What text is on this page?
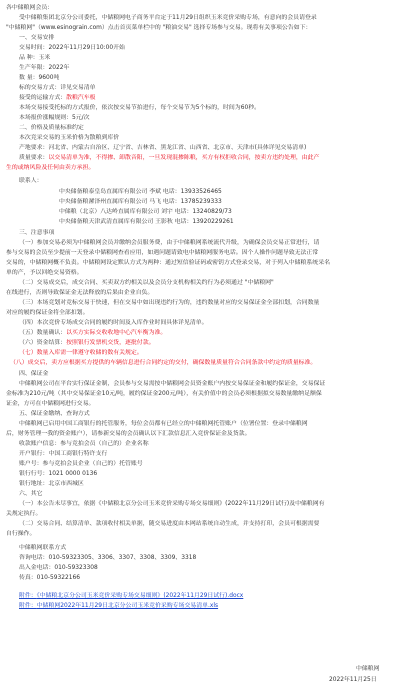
各中储粮网会员：
受中储粮集团北京分公司委托，中储粮网电子商务平台定于11月29日组织玉米竞价采购专场，有意向的会员请登录
"中储粮网"（www.esinograin.com）点击首页菜单栏中的 "粮油交易" 选择专场参与交易。现将有关事项公告如下：
一、交易安排
交易时间：2022年11月29日10:00开始
品 种：玉米
生产年限：2022年
数 量：9600吨
标的交易方式：详见交易清单
接受的运输方式：散粮汽车板
本场交易接受托标的方式报价，依次按交易节拍进行，每个交易节为5个标的，时间为60秒。
本场报价涨幅规则：5元/次
二、价格及质量标准约定
本次竞采交易的玉米价格为散粮到库价
产地要求：河北省、内蒙古自治区、辽宁省、吉林省、黑龙江省、山西省、北京市、天津市(具体详见交易清单)
质量要求：以交易清单为准，不得掺、卸散音阳，一旦发现混掺陈粮，买方有权拒收合同，按卖方违约处理，由此产
生的或纳风险及任何由卖方承担。
联系人：
中央储备粮泰皇岛直属库有限公司 李斌 电话：13933526465
中央储备粮漯泽州直属库有限公司 马飞 电话：13785239333
中储粮（北京）八达岭直属库有限公司 刘宇 电话：13240829/73
中央储备粮天津武清直属库有限公司 王影秋 电话：13920229261
三、注意事项
（一）参加交易必须为中储粮网会员并缴纳会员服务费，由于中储粮网系统流代升级，为确保会员交易正常进行，请
参与交易的会员至少提前一天登录中储粮网查看应用，如遇问题请致电中储粮网服务电话。因个人操作问题导致无法正常
交易的，中储粮网概不负责。中储粮网设定默认方式为两种：通过短信验证码或密钥方式登录交易，对于列入中储粮系统采名
单的产，予以回绝交易资格。
（二）交易成交后，成交合同、买卖双方约相关以及会员分支机构相关约行为必须通过 "中储粮网"
在线进行，否则导致保证金无法释放的后果由企业自负。
（三）本场竞划对竞标交易于快速，但在交易中如出现违约行为的，违约数量对应的交易保证金全部扣划，合同数量
对应的履约保证金将全部扣划。
（四）本次竞价专场成交合同的履约时间及入库作业时间具体详见清单。
（五）数量确认：以买方实际交收收地中心汽车衡为准。
（六）资金结算：按照银行发票机交货，逐批付款。
（七）数量入库需一律遵守收储的数有关规定。
（八）成交后，卖方应根据买方提供的车辆信息进行合同约定的交付，确保数量质量符合合同条款中约定的质量标准。
四、保证金
中储粮网公司在平台实行保证金制，会员参与交易需按中储粮网会员资金账户内按交易保证金和履约保证金，交易保证
金标准为210元/吨（其中交易保证金10元/吨，履约保证金200元/吨），有关价值中的会员必须根据拟交易数量缴纳足额保
证金，方可在中储粮网进行交易。
五、保证金缴纳、查询方式
中储粮网已启用中国工商银行的托管服务，每位会员都有已经立的中储粮网托管账户（位署位置：登录中储粮网
后，财务管理一我的资金账户），请参新交易的会员确认以下汇款信息汇入竞价保证金及货款。
收款账户信息：参与竞拍会员（自己的）企业名称
开户银行：中国工商银行特许支行
账户号：参与竞拍会员企业（自己的）托管账号
银行行号：1021 0000 0136
银行地址：北京市西城区
六、其它
（一）本公告未尽事宜，依据《中储粮北京分公司玉米竞价采购专场交易细则》(2022年11月29日试行)及中储粮网有
关规定执行。
（二）交易合同、结算清单、款项收付相关单据，随交易进度由本网站系统自动生成，并支持打印，会员可根据需要
自行操作。
中储粮网联系方式
咨询电话：010-59323305、3306、3307、3308、3309、3318
出入金电话：010-59323308
传真：010-59322166
附件：《中储粮北京分公司玉米竞价采购专场交易细则》(2022年11月29日试行).docx
附件：中储粮网2022年11月29日北京分公司玉米竞价采购专场交易清单.xls
中储粮网
2022年11月25日
